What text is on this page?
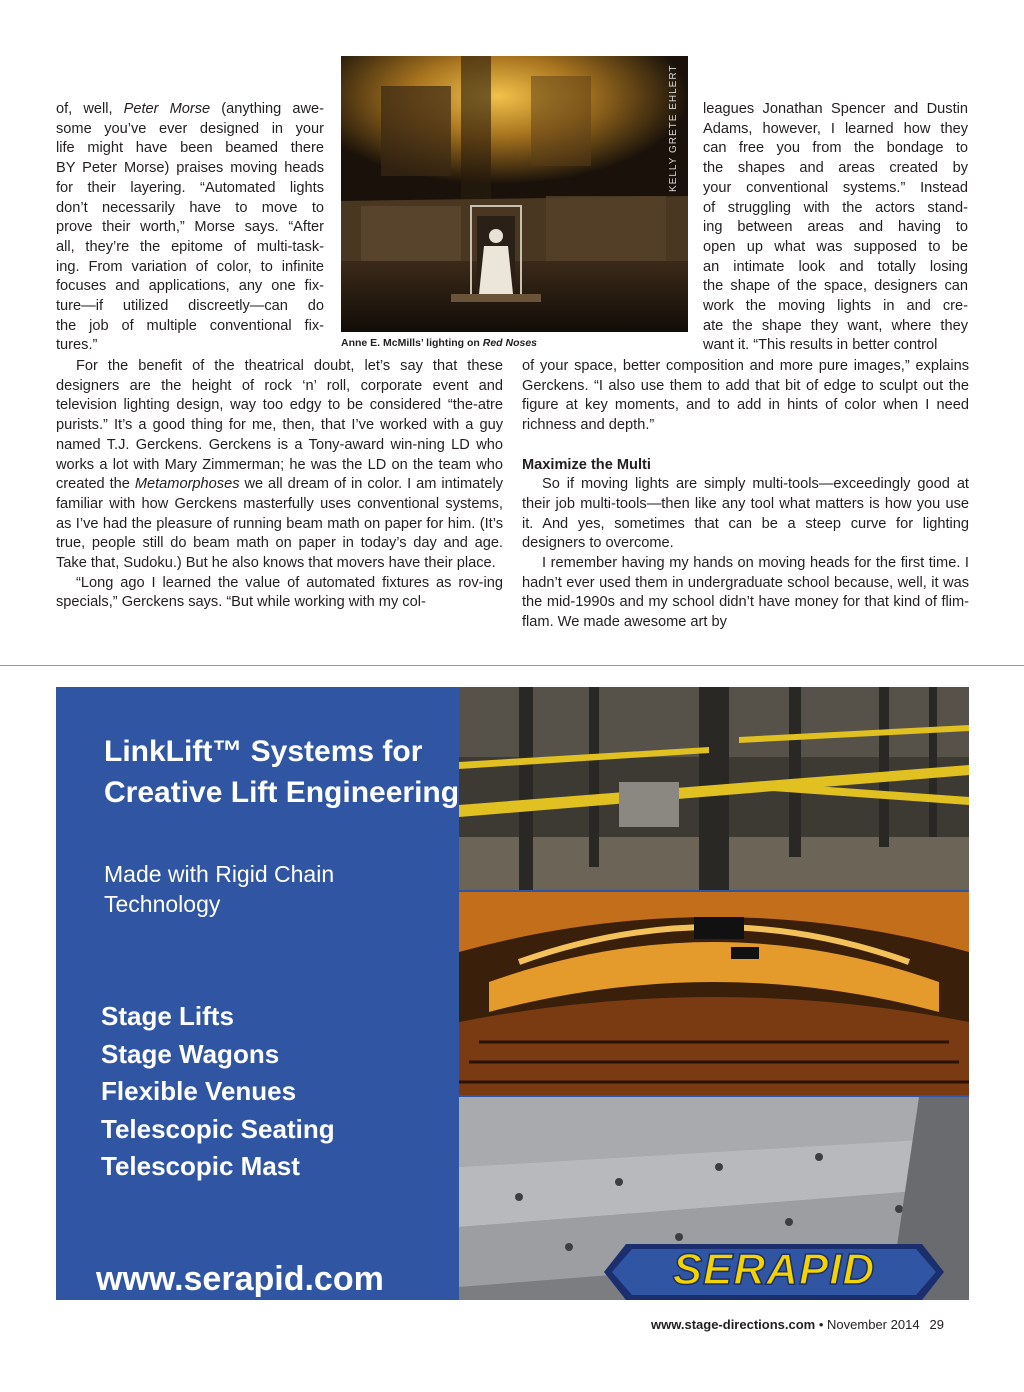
of, well, Peter Morse (anything awe-
some you’ve ever designed in your
life might have been beamed there
BY Peter Morse) praises moving heads
for their layering. “Automated lights
don’t necessarily have to move to
prove their worth,” Morse says. “After
all, they’re the epitome of multi-task-
ing. From variation of color, to infinite
focuses and applications, any one fix-
ture—if utilized discreetly—can do
the job of multiple conventional fix-
tures.”
KELLY GRETE EHLERT
Anne E. McMills’ lighting on Red Noses
leagues Jonathan Spencer and Dustin
Adams, however, I learned how they
can free you from the bondage to
the shapes and areas created by
your conventional systems.” Instead
of struggling with the actors stand-
ing between areas and having to
open up what was supposed to be
an intimate look and totally losing
the shape of the space, designers can
work the moving lights in and cre-
ate the shape they want, where they
want it. “This results in better control

For the benefit of the theatrical doubt, let’s say that these designers are the height of rock ‘n’ roll, corporate event and television lighting design, way too edgy to be considered “the-atre purists.” It’s a good thing for me, then, that I’ve worked with a guy named T.J. Gerckens. Gerckens is a Tony-award win-ning LD who works a lot with Mary Zimmerman; he was the LD on the team who created the Metamorphoses we all dream of in color. I am intimately familiar with how Gerckens masterfully uses conventional systems, as I’ve had the pleasure of running beam math on paper for him. (It’s true, people still do beam math on paper in today’s day and age. Take that, Sudoku.) But he also knows that movers have their place.

“Long ago I learned the value of automated fixtures as rov-ing specials,” Gerckens says. “But while working with my col-

of your space, better composition and more pure images,” explains Gerckens. “I also use them to add that bit of edge to sculpt out the figure at key moments, and to add in hints of color when I need richness and depth.”

Maximize the Multi

So if moving lights are simply multi-tools—exceedingly good at their job multi-tools—then like any tool what matters is how you use it. And yes, sometimes that can be a steep curve for lighting designers to overcome.

I remember having my hands on moving heads for the first time. I hadn’t ever used them in undergraduate school because, well, it was the mid-1990s and my school didn’t have money for that kind of flim-flam. We made awesome art by

LinkLift™ Systems for Creative Lift Engineering
Made with Rigid Chain Technology
Stage Lifts
Stage Wagons
Flexible Venues
Telescopic Seating
Telescopic Mast
www.serapid.com	SERAPID
www.stage-directions.com • November 2014 29
